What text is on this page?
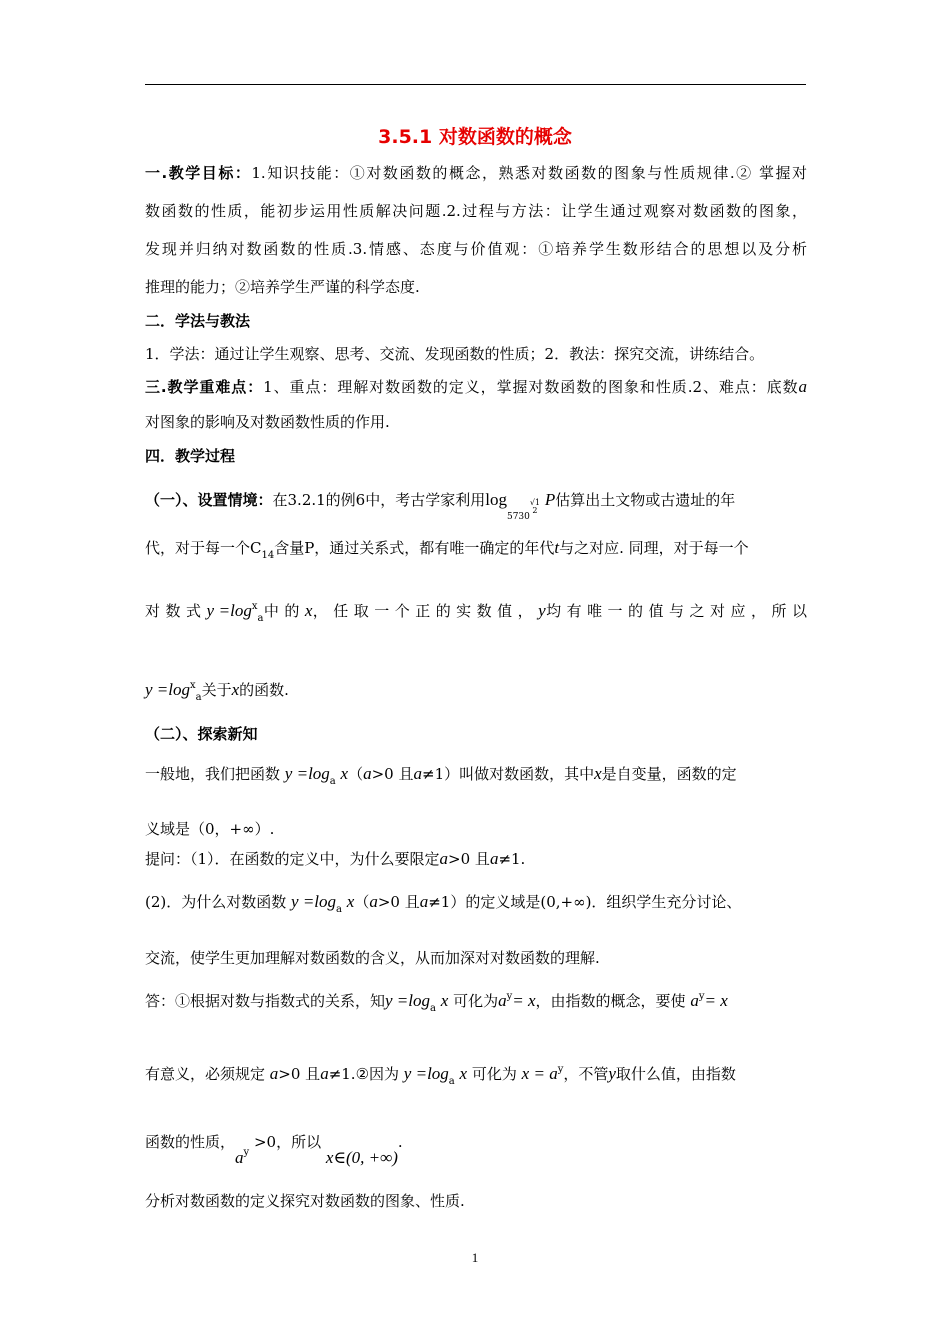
3.5.1 对数函数的概念
一.教学目标：1.知识技能：①对数函数的概念，熟悉对数函数的图象与性质规律.② 掌握对
数函数的性质，能初步运用性质解决问题.2.过程与方法：让学生通过观察对数函数的图象，
发现并归纳对数函数的性质.3.情感、态度与价值观：①培养学生数形结合的思想以及分析
推理的能力；②培养学生严谨的科学态度.
二．学法与教法
1．学法：通过让学生观察、思考、交流、发现函数的性质；2．教法：探究交流，讲练结合。
三.教学重难点：1、重点：理解对数函数的定义，掌握对数函数的图象和性质.2、难点：底数a
对图象的影响及对数函数性质的作用.
四．教学过程
（一）、设置情境：在3.2.1的例6中，考古学家利用$\log_{5730}√1$
2 P估算出土文物或古遗址的年
代，对于每一个$C_{14}$含量P，通过关系式，都有唯一确定的年代t与之对应. 同理，对于每一个
对 数 式 $y =\log^x_a$中 的 x， 任 取 一 个 正 的 实 数 值 ， y均 有 唯 一 的 值 与 之 对 应 ， 所 以
$y =\log^x_a$关于x的函数.
（二）、探索新知
一般地，我们把函数 $y =\log_a$ x（a>0 且a≠1）叫做对数函数，其中x是自变量，函数的定
义域是（0，+∞）.
提问：（1）．在函数的定义中，为什么要限定a>0 且a≠1.
(2)．为什么对数函数 $y =\log_a$ x（a>0 且a≠1）的定义域是(0,+∞)．组织学生充分讨论、
交流，使学生更加理解对数函数的含义，从而加深对对数函数的理解.
答：①根据对数与指数式的关系，知$y =\log_a$ x 可化为$a^y= x$，由指数的概念，要使 $a^y= x$
有意义，必须规定 a>0 且a≠1.②因为 $y =\log_a$ x 可化为 $x = a^y$，不管y取什么值，由指数
函数的性质，$a_y >0$，所以 x∈(0, +∞).
分析对数函数的定义探究对数函数的图象、性质.
1
